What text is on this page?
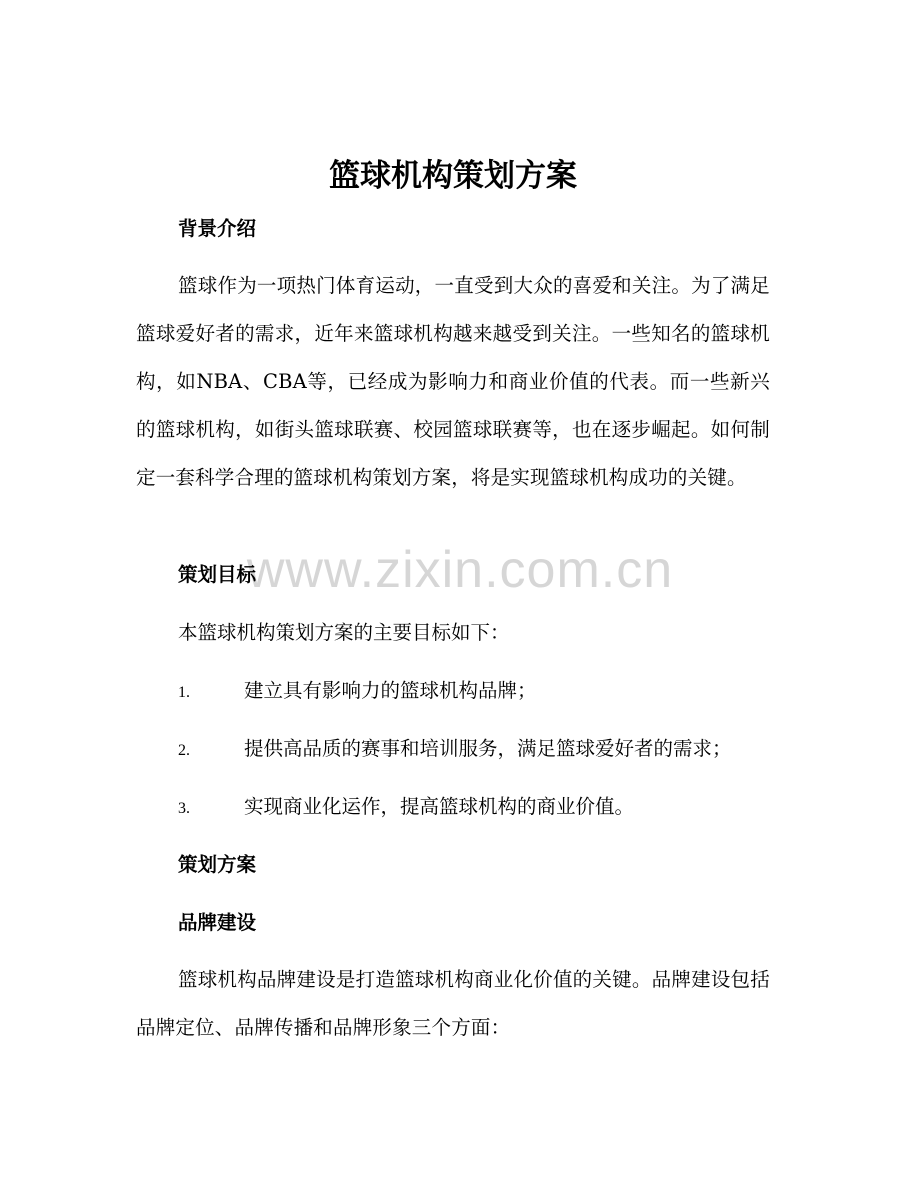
www.zixin.com.cn
篮球机构策划方案
背景介绍

篮球作为一项热门体育运动，一直受到大众的喜爱和关注。为了满足篮球爱好者的需求，近年来篮球机构越来越受到关注。一些知名的篮球机构，如NBA、CBA等，已经成为影响力和商业价值的代表。而一些新兴的篮球机构，如街头篮球联赛、校园篮球联赛等，也在逐步崛起。如何制定一套科学合理的篮球机构策划方案，将是实现篮球机构成功的关键。

策划目标

本篮球机构策划方案的主要目标如下：

1.	建立具有影响力的篮球机构品牌；
2.	提供高品质的赛事和培训服务，满足篮球爱好者的需求；
3.	实现商业化运作，提高篮球机构的商业价值。
策划方案
品牌建设

篮球机构品牌建设是打造篮球机构商业化价值的关键。品牌建设包括品牌定位、品牌传播和品牌形象三个方面：
